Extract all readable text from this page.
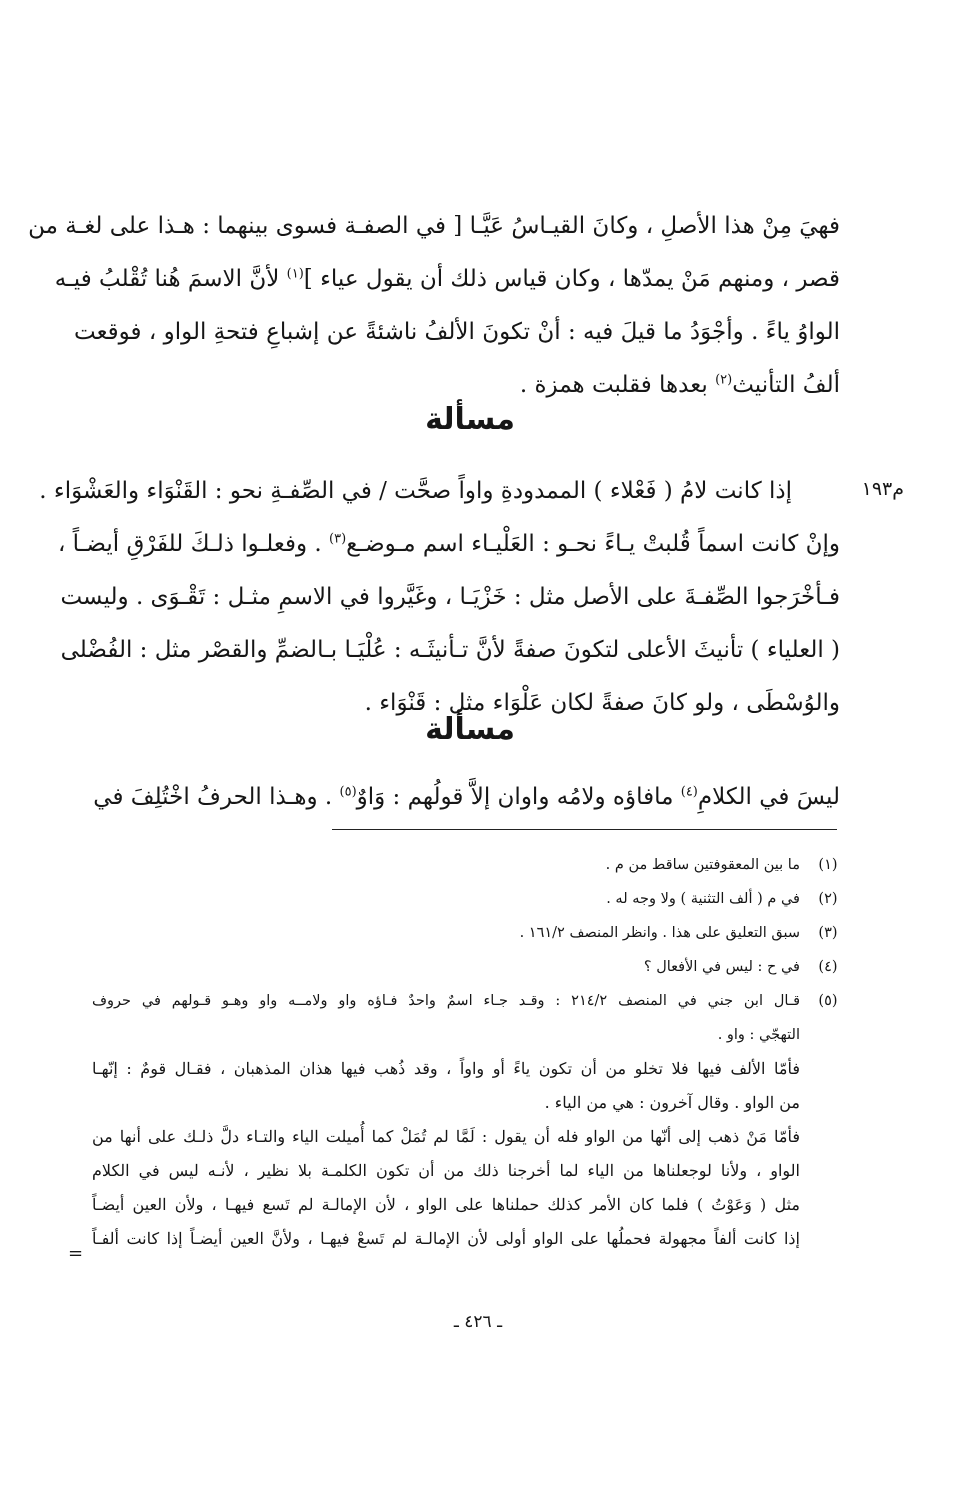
فهيَ مِنْ هذا الأصلِ ، وكانَ القيـاسُ عَيَّـا [ في الصفـة فسوى بينهما : هـذا على لغـة من
قصر ، ومنهم مَنْ يمدّها ، وكان قياس ذلك أن يقول عياء ]$^{(١)}$ لأنَّ الاسمَ هُنا تُقْلبُ فيـه
الواوُ ياءً . وأجْوَدُ ما قيلَ فيه : أنْ تكونَ الألفُ ناشئةً عن إشباعِ فتحةِ الواو ، فوقعت
ألفُ التأنيث$^{(٢)}$ بعدها فقلبت همزة .
مسألة
م١٩٣
إذا كانت لامُ ( فَعْلاء ) الممدودةِ واواً صحَّت / في الصِّفـةِ نحو : القَنْوَاء والعَشْوَاء .
وإنْ كانت اسماً قُلبتْ يـاءً نحـو : العَلْيـاء اسم مـوضـع$^{(٣)}$ . وفعلـوا ذلـكَ للفَرْقِ أيضـاً ،
فـأخْرَجوا الصِّفـةَ على الأصل مثل : خَزْيَـا ، وغَيَّروا في الاسمِ مثـل : تَقْـوَى . وليست
( العلياء ) تأنيثَ الأعلى لتكونَ صفةً لأنَّ تـأنيثَـه : عُلْيَـا بـالضمِّ والقصْر مثل : الفُضْلى
والوُسْطَى ، ولو كانَ صفةً لكان عَلْوَاء مثل : قَنْوَاء .
مسألة
ليسَ في الكلامِ$^{(٤)}$ مافاؤه ولامُه واوان إلاَّ قولُهم : وَاوٌ$^{(٥)}$ . وهـذا الحرفُ اخْتُلِفَ في
(١)
ما بين المعقوفتين ساقط من م .
(٢)
في م ( ألف التثنية ) ولا وجه له .
(٣)
سبق التعليق على هذا . وانظر المنصف ١٦١/٢ .
(٤)
في ح : ليس في الأفعال ؟
(٥)
قـال ابن جني في المنصف ٢١٤/٢ : وقـد جـاء اسمٌ واحدٌ فـاؤه واو ولامــه واو وهـو قـولهم في حروف
التهجّي : واو .
فأمّا الألف فيها فلا تخلو من أن تكون ياءً أو واواً ، وقد ذُهب فيها هذان المذهبان ، فقـال قومٌ : إنّهـا
من الواو . وقال آخرون : هي من الياء .
فأمّا مَنْ ذهب إلى أنّها من الواو فله أن يقول : لَمَّا لم تُمَلْ كما أُميلت الياء والتـاء دلَّ ذلـك على أنها من
الواو ، ولأنا لوجعلناها من الياء لما أخرجنا ذلك من أن تكون الكلمـة بلا نظير ، لأنـه ليس في الكلام
مثل ( وَعَوْتُ ) فلما كان الأمر كذلك حملناها على الواو ، لأن الإمالـة لم تَسع فيهـا ، ولأن العين أيضـاً
إذا كانت ألفاً مجهولة فحملُها على الواو أولى لأن الإمالـة لم تَسعْ فيهـا ، ولأنَّ العين أيضـاً إذا كانت ألفـاً
=
ـ ٤٢٦ ـ
